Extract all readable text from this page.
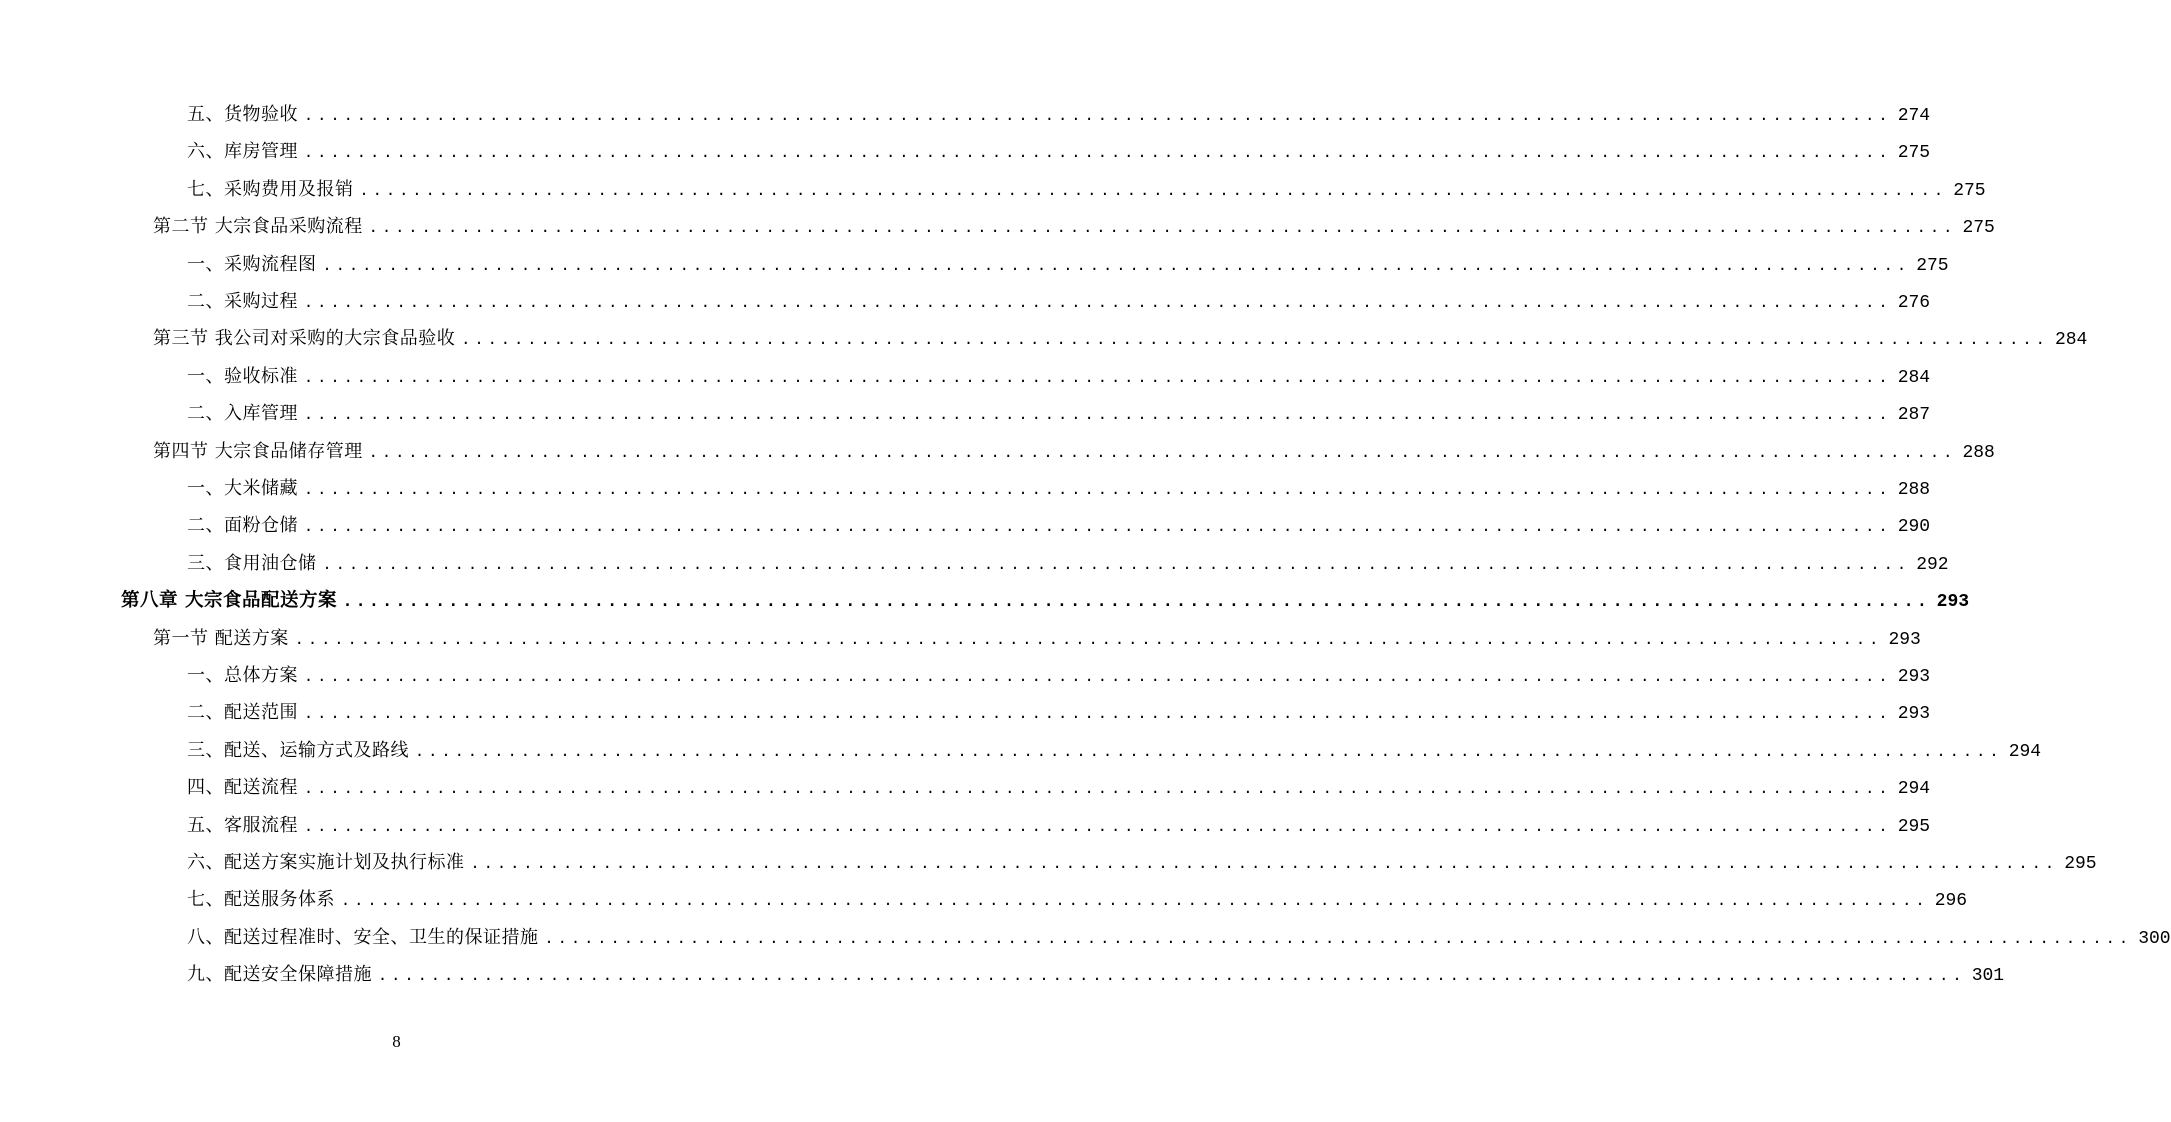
五、货物验收 ........................................................................................................................ 274
六、库房管理 ........................................................................................................................ 275
七、采购费用及报销 ........................................................................................................................ 275
第二节 大宗食品采购流程 ........................................................................................................................ 275
一、采购流程图 ........................................................................................................................ 275
二、采购过程 ........................................................................................................................ 276
第三节 我公司对采购的大宗食品验收 ........................................................................................................................ 284
一、验收标准 ........................................................................................................................ 284
二、入库管理 ........................................................................................................................ 287
第四节 大宗食品储存管理 ........................................................................................................................ 288
一、大米储藏 ........................................................................................................................ 288
二、面粉仓储 ........................................................................................................................ 290
三、食用油仓储 ........................................................................................................................ 292
第八章 大宗食品配送方案 ........................................................................................................................ 293
第一节 配送方案 ........................................................................................................................ 293
一、总体方案 ........................................................................................................................ 293
二、配送范围 ........................................................................................................................ 293
三、配送、运输方式及路线 ........................................................................................................................ 294
四、配送流程 ........................................................................................................................ 294
五、客服流程 ........................................................................................................................ 295
六、配送方案实施计划及执行标准 ........................................................................................................................ 295
七、配送服务体系 ........................................................................................................................ 296
八、配送过程准时、安全、卫生的保证措施 ........................................................................................................................ 300
九、配送安全保障措施 ........................................................................................................................ 301
8
